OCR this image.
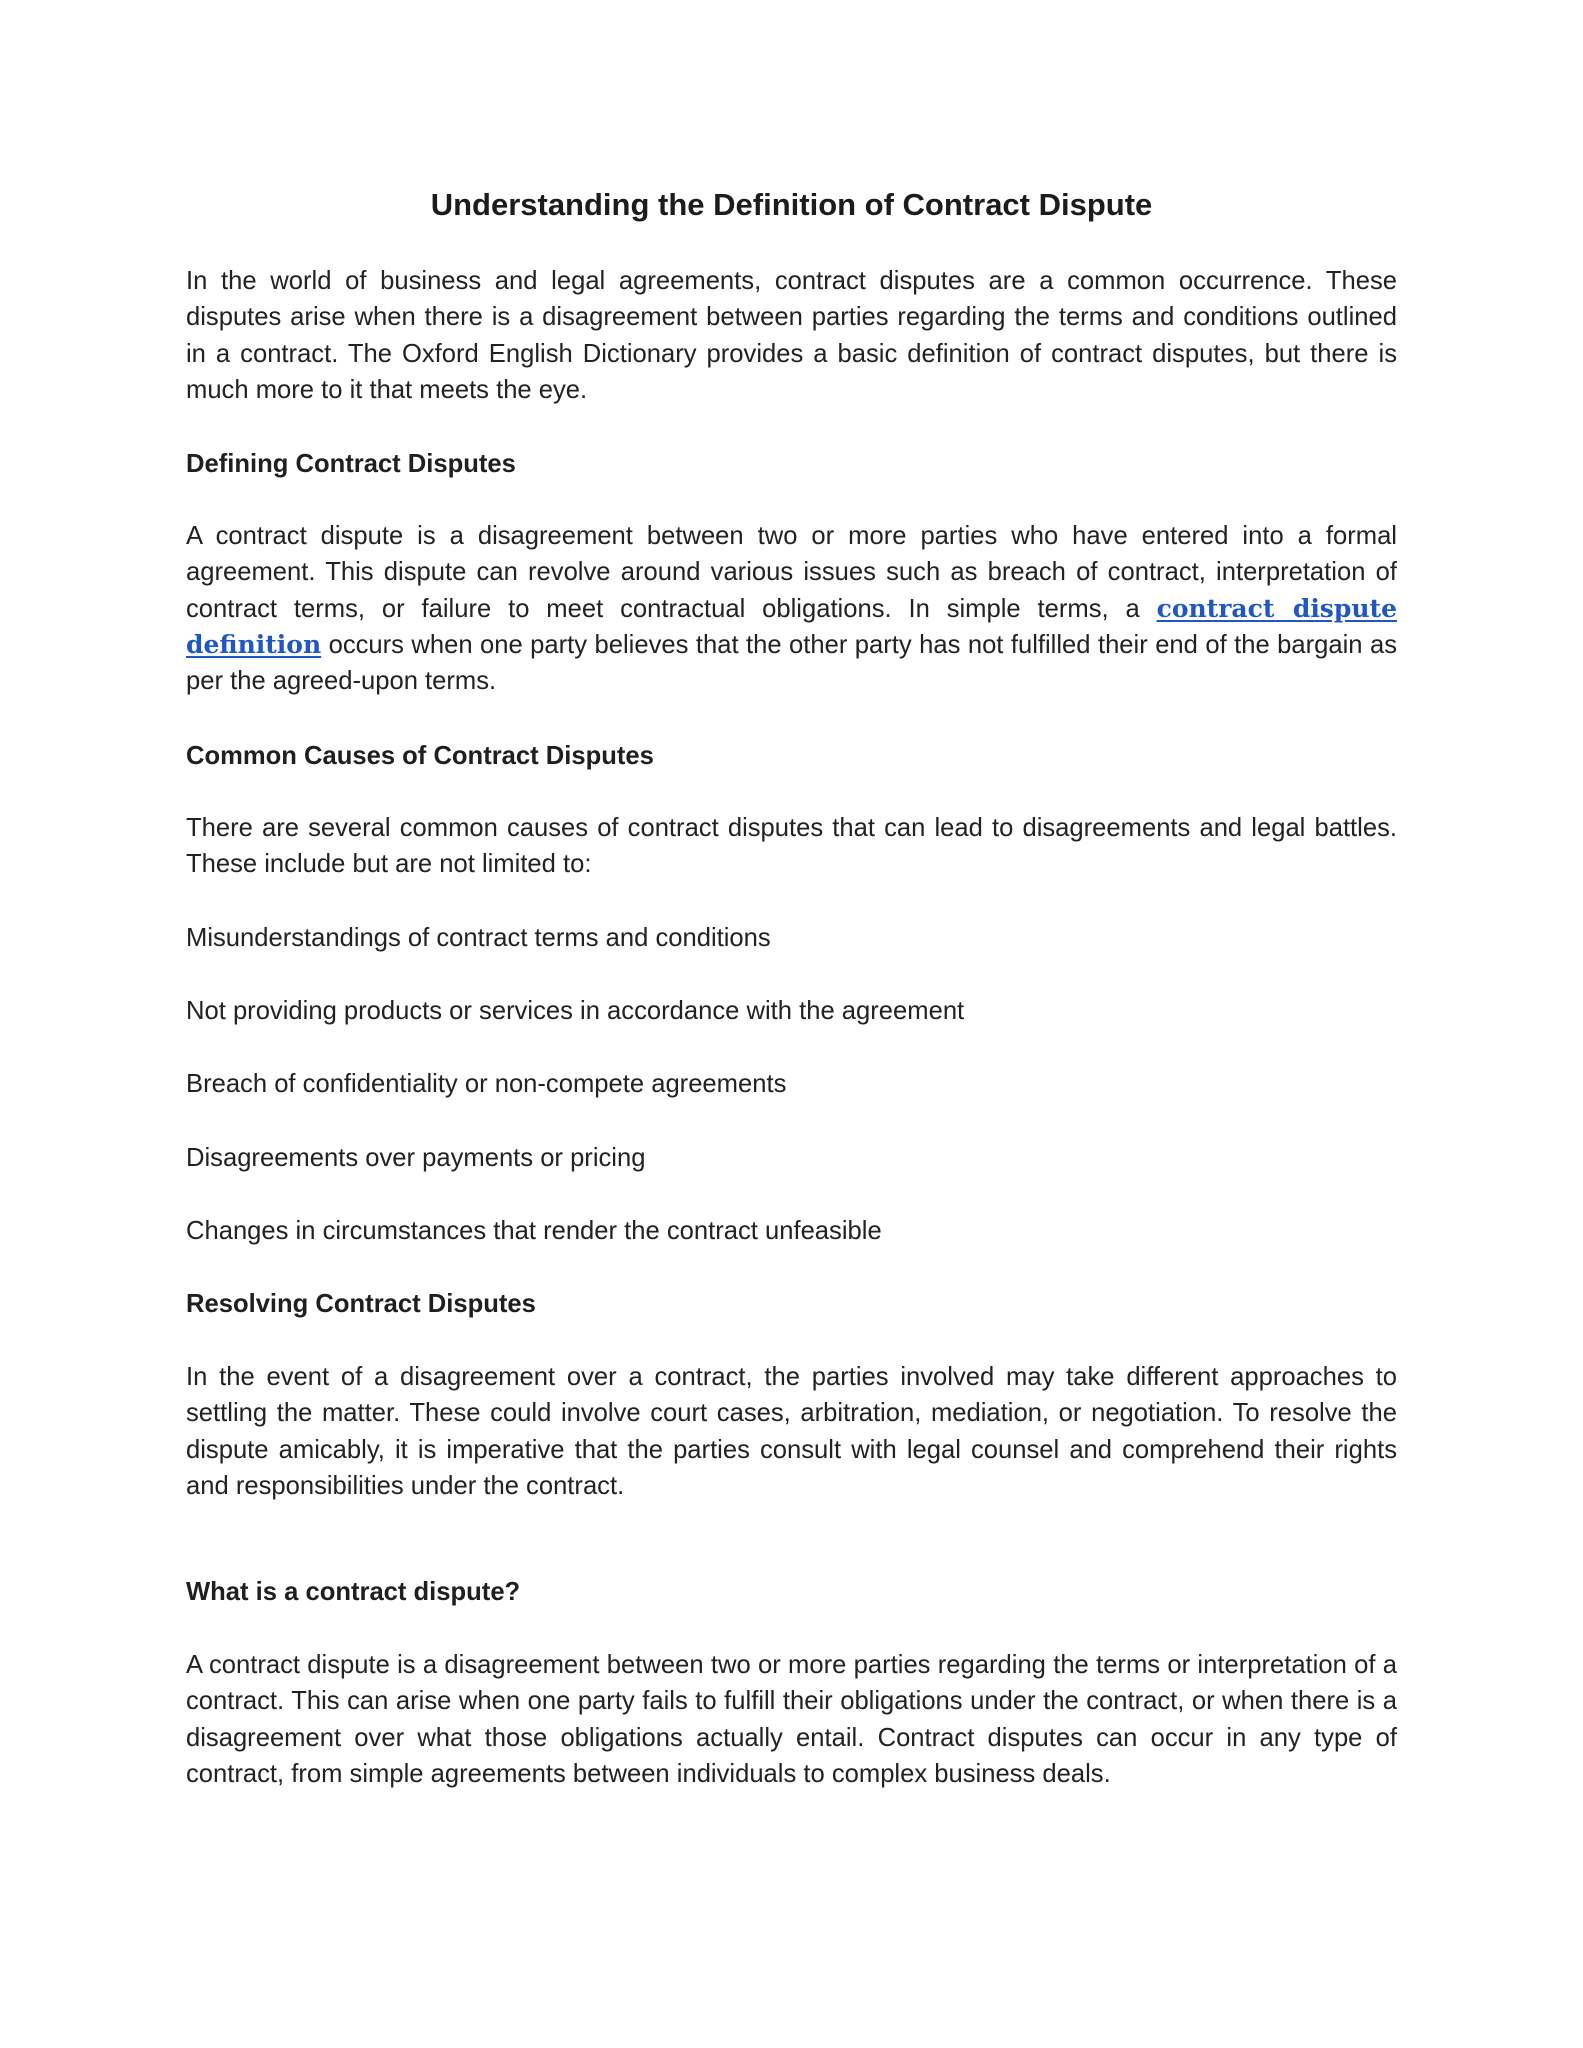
Understanding the Definition of Contract Dispute

In the world of business and legal agreements, contract disputes are a common occurrence. These disputes arise when there is a disagreement between parties regarding the terms and conditions outlined in a contract. The Oxford English Dictionary provides a basic definition of contract disputes, but there is much more to it that meets the eye.

Defining Contract Disputes

A contract dispute is a disagreement between two or more parties who have entered into a formal agreement. This dispute can revolve around various issues such as breach of contract, interpretation of contract terms, or failure to meet contractual obligations. In simple terms, a contract dispute definition occurs when one party believes that the other party has not fulfilled their end of the bargain as per the agreed-upon terms.

Common Causes of Contract Disputes

There are several common causes of contract disputes that can lead to disagreements and legal battles. These include but are not limited to:

Misunderstandings of contract terms and conditions

Not providing products or services in accordance with the agreement

Breach of confidentiality or non-compete agreements

Disagreements over payments or pricing

Changes in circumstances that render the contract unfeasible

Resolving Contract Disputes

In the event of a disagreement over a contract, the parties involved may take different approaches to settling the matter. These could involve court cases, arbitration, mediation, or negotiation. To resolve the dispute amicably, it is imperative that the parties consult with legal counsel and comprehend their rights and responsibilities under the contract.

What is a contract dispute?

A contract dispute is a disagreement between two or more parties regarding the terms or interpretation of a contract. This can arise when one party fails to fulfill their obligations under the contract, or when there is a disagreement over what those obligations actually entail. Contract disputes can occur in any type of contract, from simple agreements between individuals to complex business deals.
